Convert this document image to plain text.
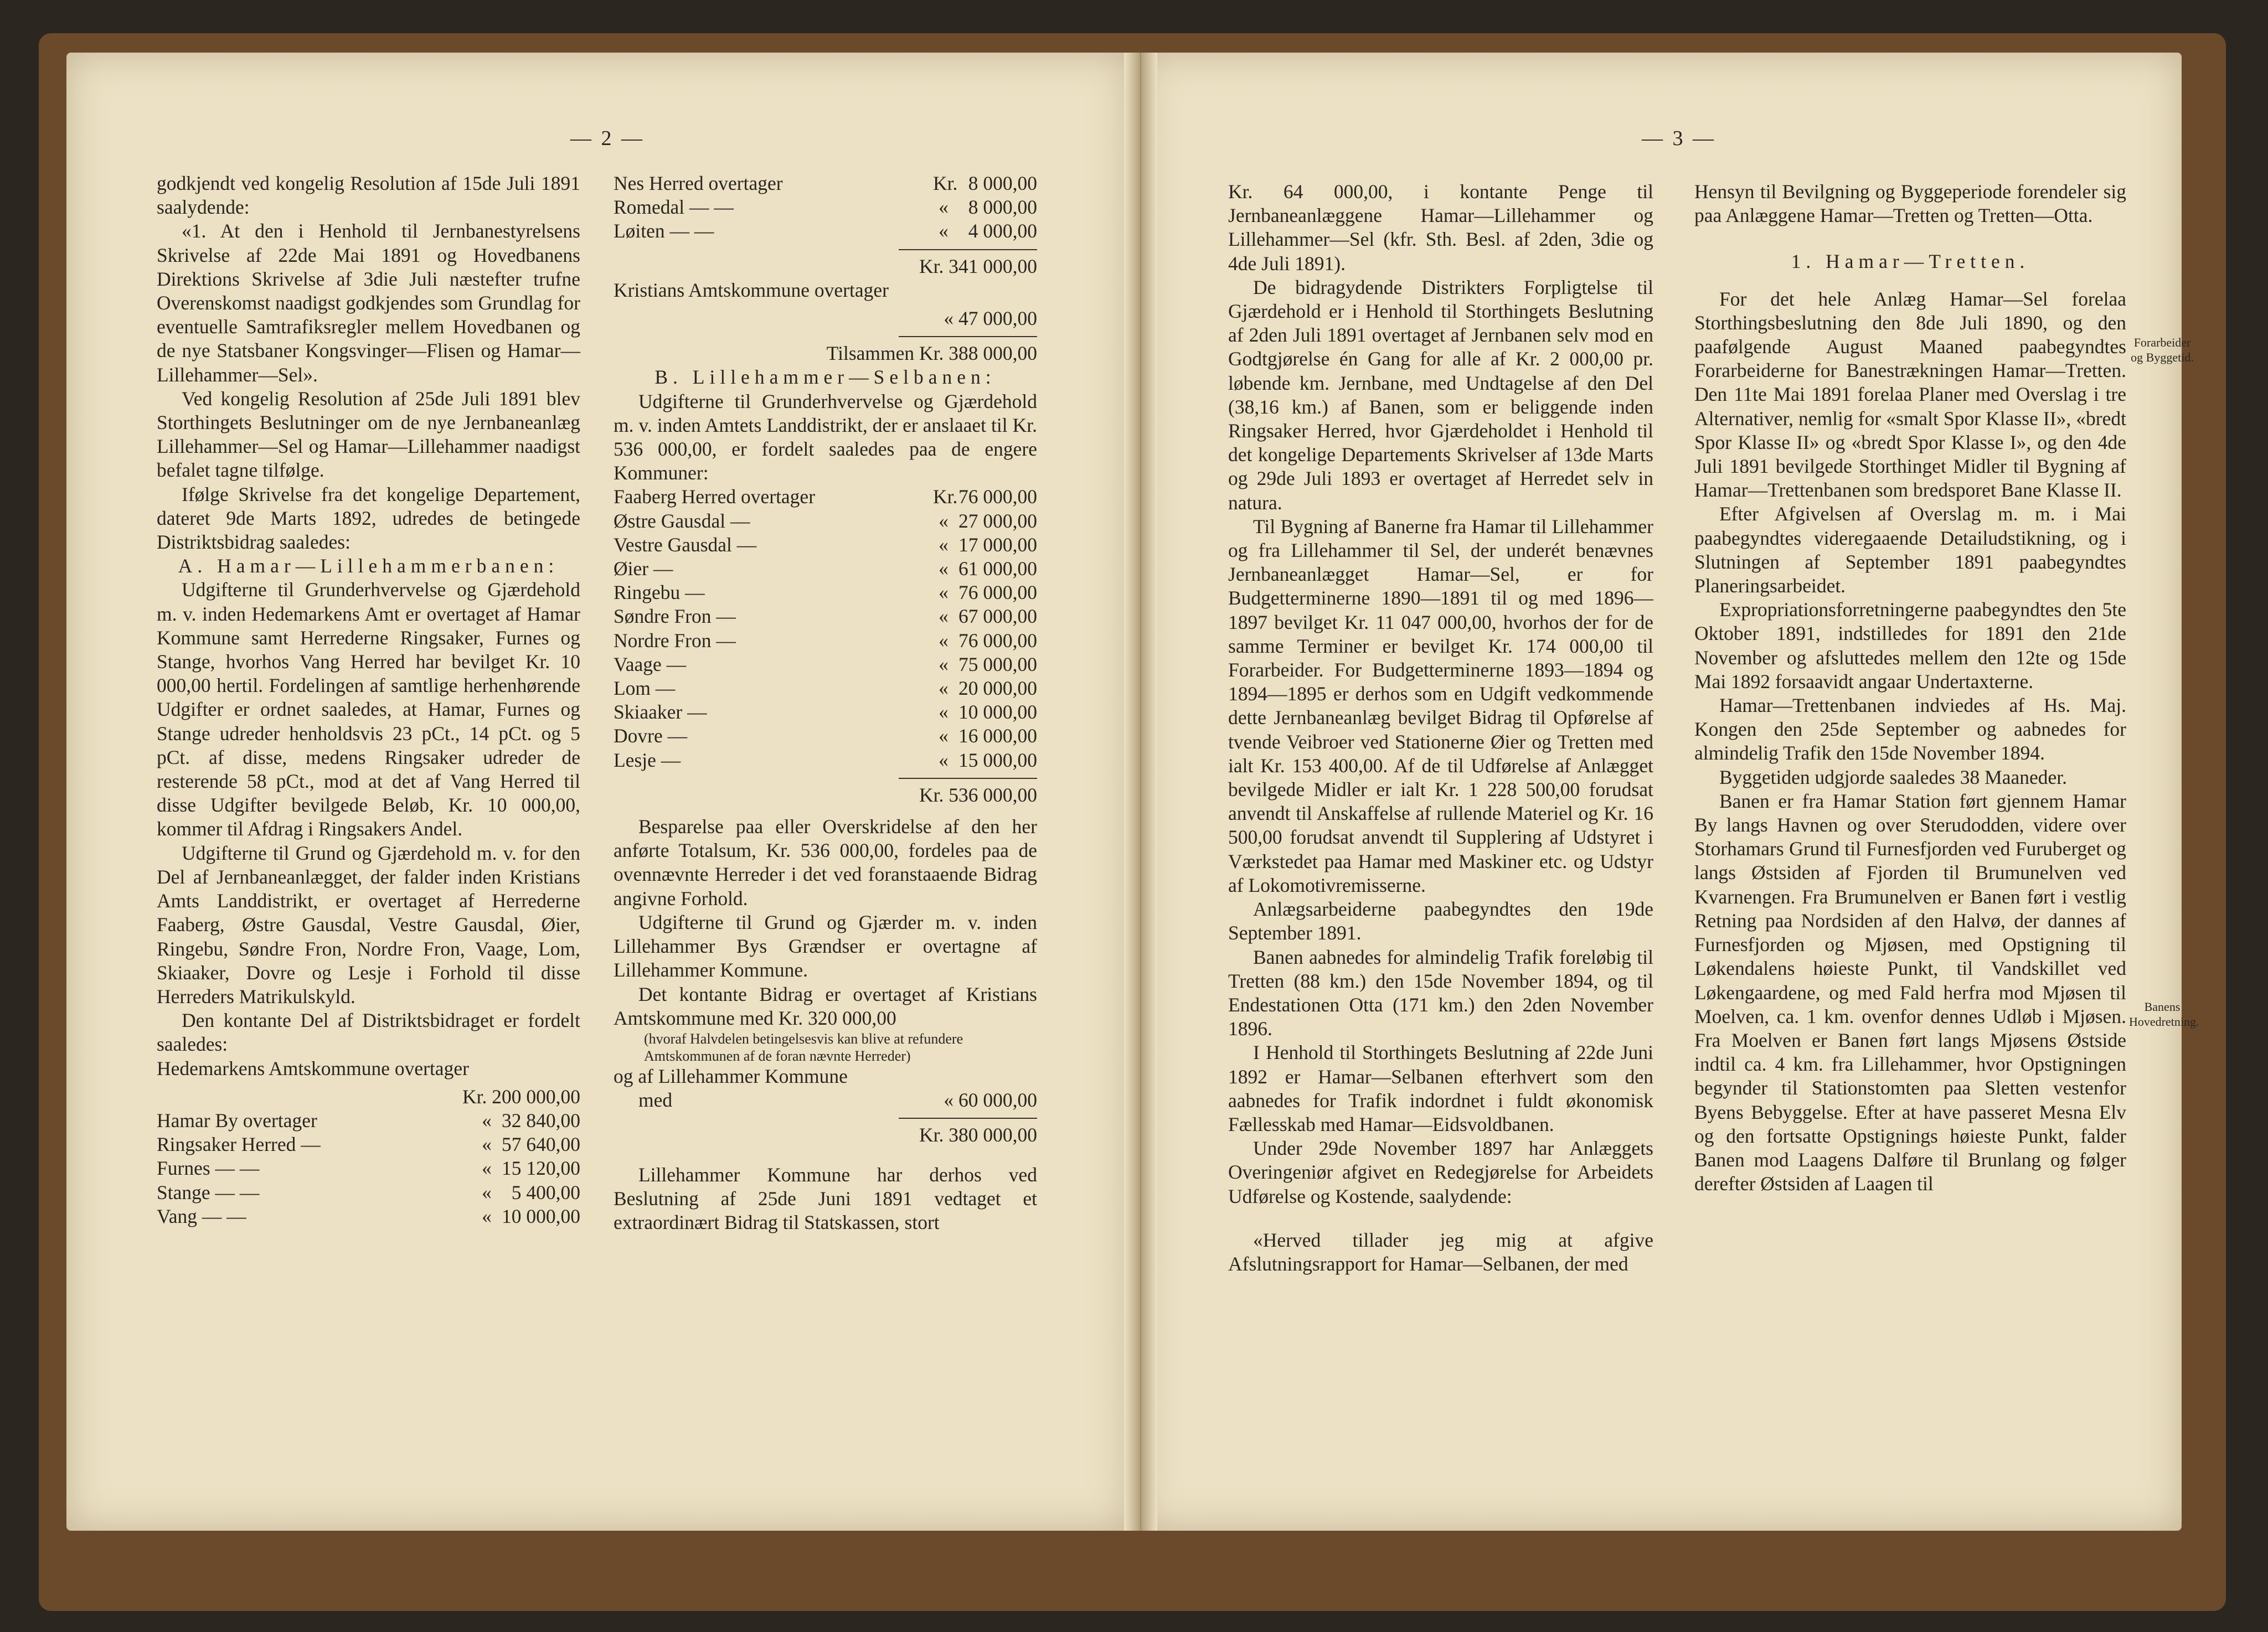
— 2 —

godkjendt ved kongelig Resolution af 15de Juli 1891 saalydende:

«1. At den i Henhold til Jernbanestyrelsens Skrivelse af 22de Mai 1891 og Hovedbanens Direktions Skrivelse af 3die Juli næstefter trufne Overenskomst naadigst godkjendes som Grundlag for eventuelle Samtrafiksregler mellem Hovedbanen og de nye Statsbaner Kongsvinger—Flisen og Hamar—Lillehammer—Sel».

Ved kongelig Resolution af 25de Juli 1891 blev Storthingets Beslutninger om de nye Jernbaneanlæg Lillehammer—Sel og Hamar—Lillehammer naadigst befalet tagne tilfølge.

Ifølge Skrivelse fra det kongelige Departement, dateret 9de Marts 1892, udredes de betingede Distriktsbidrag saaledes:

A. Hamar—Lillehammerbanen:

Udgifterne til Grunderhvervelse og Gjærdehold m. v. inden Hedemarkens Amt er overtaget af Hamar Kommune samt Herrederne Ringsaker, Furnes og Stange, hvorhos Vang Herred har bevilget Kr. 10 000,00 hertil. Fordelingen af samtlige herhenhørende Udgifter er ordnet saaledes, at Hamar, Furnes og Stange udreder henholdsvis 23 pCt., 14 pCt. og 5 pCt. af disse, medens Ringsaker udreder de resterende 58 pCt., mod at det af Vang Herred til disse Udgifter bevilgede Beløb, Kr. 10 000,00, kommer til Afdrag i Ringsakers Andel.

Udgifterne til Grund og Gjærdehold m. v. for den Del af Jernbaneanlægget, der falder inden Kristians Amts Landdistrikt, er overtaget af Herrederne Faaberg, Østre Gausdal, Vestre Gausdal, Øier, Ringebu, Søndre Fron, Nordre Fron, Vaage, Lom, Skiaaker, Dovre og Lesje i Forhold til disse Herreders Matrikulskyld.

Den kontante Del af Distriktsbidraget er fordelt saaledes:

Hedemarkens Amtskommune overtager

Kr. 200 000,00
Hamar By overtager	« 32 840,00
Ringsaker Herred —	« 57 640,00
Furnes — —	« 15 120,00
Stange — —	«	5 400,00
Vang — —	« 10 000,00
Nes Herred overtager	Kr. 8 000,00
Romedal — —	«	8 000,00
Løiten — —	«	4 000,00
Kr. 341 000,00

Kristians Amtskommune overtager

« 47 000,00
Tilsammen Kr. 388 000,00

B. Lillehammer—Selbanen:

Udgifterne til Grunderhvervelse og Gjærdehold m. v. inden Amtets Landdistrikt, der er anslaaet til Kr. 536 000,00, er fordelt saaledes paa de engere Kommuner:

Faaberg Herred overtager	Kr. 76 000,00
Østre Gausdal —	« 27 000,00
Vestre Gausdal —	« 17 000,00
Øier —	« 61 000,00
Ringebu —	« 76 000,00
Søndre Fron —	« 67 000,00
Nordre Fron —	« 76 000,00
Vaage —	« 75 000,00
Lom —	« 20 000,00
Skiaaker —	« 10 000,00
Dovre —	« 16 000,00
Lesje —	« 15 000,00
Kr. 536 000,00

Besparelse paa eller Overskridelse af den her anførte Totalsum, Kr. 536 000,00, fordeles paa de ovennævnte Herreder i det ved foranstaaende Bidrag angivne Forhold.

Udgifterne til Grund og Gjærder m. v. inden Lillehammer Bys Grændser er overtagne af Lillehammer Kommune.

Det kontante Bidrag er overtaget af Kristians Amtskommune med Kr. 320 000,00

(hvoraf Halvdelen betingelsesvis kan blive at refundere Amtskommunen af de foran nævnte Herreder)

og af Lillehammer Kommune

med	« 60 000,00
Kr. 380 000,00

Lillehammer Kommune har derhos ved Beslutning af 25de Juni 1891 vedtaget et extraordinært Bidrag til Statskassen, stort

— 3 —

Kr. 64 000,00, i kontante Penge til Jernbaneanlæggene Hamar—Lillehammer og Lillehammer—Sel (kfr. Sth. Besl. af 2den, 3die og 4de Juli 1891).

De bidragydende Distrikters Forpligtelse til Gjærdehold er i Henhold til Storthingets Beslutning af 2den Juli 1891 overtaget af Jernbanen selv mod en Godtgjørelse én Gang for alle af Kr. 2 000,00 pr. løbende km. Jernbane, med Undtagelse af den Del (38,16 km.) af Banen, som er beliggende inden Ringsaker Herred, hvor Gjærdeholdet i Henhold til det kongelige Departements Skrivelser af 13de Marts og 29de Juli 1893 er overtaget af Herredet selv in natura.

Til Bygning af Banerne fra Hamar til Lillehammer og fra Lillehammer til Sel, der underét benævnes Jernbaneanlægget Hamar—Sel, er for Budgetterminerne 1890—1891 til og med 1896—1897 bevilget Kr. 11 047 000,00, hvorhos der for de samme Terminer er bevilget Kr. 174 000,00 til Forarbeider. For Budgetterminerne 1893—1894 og 1894—1895 er derhos som en Udgift vedkommende dette Jernbaneanlæg bevilget Bidrag til Opførelse af tvende Veibroer ved Stationerne Øier og Tretten med ialt Kr. 153 400,00. Af de til Udførelse af Anlægget bevilgede Midler er ialt Kr. 1 228 500,00 forudsat anvendt til Anskaffelse af rullende Materiel og Kr. 16 500,00 forudsat anvendt til Supplering af Udstyret i Værkstedet paa Hamar med Maskiner etc. og Udstyr af Lokomotivremisserne.

Anlægsarbeiderne paabegyndtes den 19de September 1891.

Banen aabnedes for almindelig Trafik foreløbig til Tretten (88 km.) den 15de November 1894, og til Endestationen Otta (171 km.) den 2den November 1896.

I Henhold til Storthingets Beslutning af 22de Juni 1892 er Hamar—Selbanen efterhvert som den aabnedes for Trafik indordnet i fuldt økonomisk Fællesskab med Hamar—Eidsvoldbanen.

Under 29de November 1897 har Anlæggets Overingeniør afgivet en Redegjørelse for Arbeidets Udførelse og Kostende, saalydende:

«Herved tillader jeg mig at afgive Afslutningsrapport for Hamar—Selbanen, der med

Hensyn til Bevilgning og Byggeperiode forendeler sig paa Anlæggene Hamar—Tretten og Tretten—Otta.

1. Hamar—Tretten.

For det hele Anlæg Hamar—Sel forelaa Storthingsbeslutning den 8de Juli 1890, og den paafølgende August Maaned paabegyndtes Forarbeiderne for Banestrækningen Hamar—Tretten. Den 11te Mai 1891 forelaa Planer med Overslag i tre Alternativer, nemlig for «smalt Spor Klasse II», «bredt Spor Klasse II» og «bredt Spor Klasse I», og den 4de Juli 1891 bevilgede Storthinget Midler til Bygning af Hamar—Trettenbanen som bredsporet Bane Klasse II.

Efter Afgivelsen af Overslag m. m. i Mai paabegyndtes videregaaende Detailudstikning, og i Slutningen af September 1891 paabegyndtes Planeringsarbeidet.

Expropriationsforretningerne paabegyndtes den 5te Oktober 1891, indstilledes for 1891 den 21de November og afsluttedes mellem den 12te og 15de Mai 1892 forsaavidt angaar Undertaxterne.

Hamar—Trettenbanen indviedes af Hs. Maj. Kongen den 25de September og aabnedes for almindelig Trafik den 15de November 1894.

Byggetiden udgjorde saaledes 38 Maaneder.

Banen er fra Hamar Station ført gjennem Hamar By langs Havnen og over Sterudodden, videre over Storhamars Grund til Furnesfjorden ved Furuberget og langs Østsiden af Fjorden til Brumunelven ved Kvarnengen. Fra Brumunelven er Banen ført i vestlig Retning paa Nordsiden af den Halvø, der dannes af Furnesfjorden og Mjøsen, med Opstigning til Løkendalens høieste Punkt, til Vandskillet ved Løkengaardene, og med Fald herfra mod Mjøsen til Moelven, ca. 1 km. ovenfor dennes Udløb i Mjøsen. Fra Moelven er Banen ført langs Mjøsens Østside indtil ca. 4 km. fra Lillehammer, hvor Opstigningen begynder til Stationstomten paa Sletten vestenfor Byens Bebyggelse. Efter at have passeret Mesna Elv og den fortsatte Opstignings høieste Punkt, falder Banen mod Laagens Dalføre til Brunlang og følger derefter Østsiden af Laagen til

Forarbeider og Byggetid.
Banens Hovedretning.
